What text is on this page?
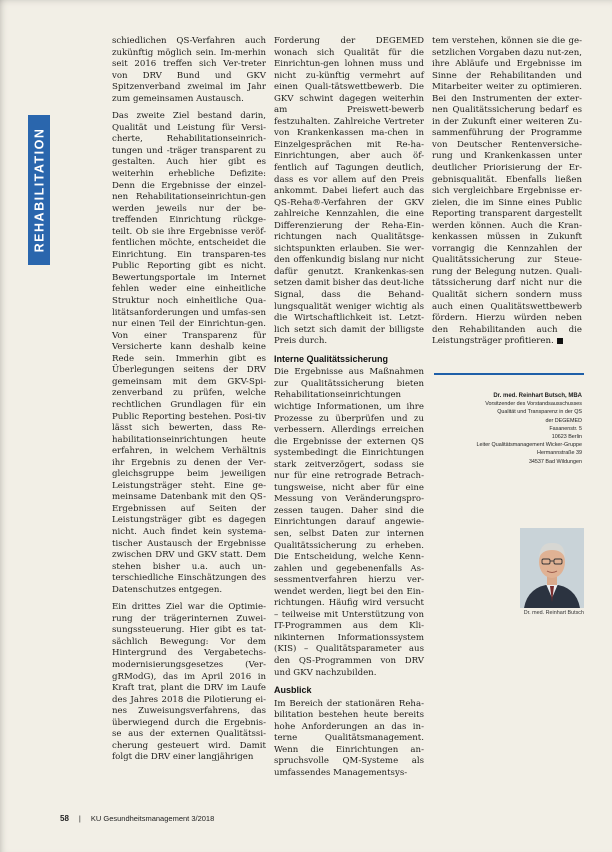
REHABILITATION

schiedlichen QS-Verfahren auch zukünftig möglich sein. Im-merhin seit 2016 treffen sich Ver-treter von DRV Bund und GKV Spitzenverband zweimal im Jahr zum gemeinsamen Austausch.

Das zweite Ziel bestand darin, Qualität und Leistung für Versi-cherte, Rehabilitationseinrich-tungen und -träger transparent zu gestalten. Auch hier gibt es weiterhin erhebliche Defizite: Denn die Ergebnisse der einzel-nen Rehabilitationseinrichtun-gen werden jeweils nur der be-treffenden Einrichtung rückge-teilt. Ob sie ihre Ergebnisse veröf-fentlichen möchte, entscheidet die Einrichtung. Ein transparen-tes Public Reporting gibt es nicht. Bewertungsportale im Internet fehlen weder eine einheitliche Struktur noch einheitliche Qua-litätsanforderungen und umfas-sen nur einen Teil der Einrichtun-gen. Von einer Transparenz für Versicherte kann deshalb keine Rede sein. Immerhin gibt es Überlegungen seitens der DRV gemeinsam mit dem GKV-Spi-zenverband zu prüfen, welche rechtlichen Grundlagen für ein Public Reporting bestehen. Posi-tiv lässt sich bewerten, dass Re-habilitationseinrichtungen heute erfahren, in welchem Verhältnis ihr Ergebnis zu denen der Ver-gleichsgruppe beim jeweiligen Leistungsträger steht. Eine ge-meinsame Datenbank mit den QS-Ergebnissen auf Seiten der Leistungsträger gibt es dagegen nicht. Auch findet kein systema-tischer Austausch der Ergebnisse zwischen DRV und GKV statt. Dem stehen bisher u.a. auch un-terschiedliche Einschätzungen des Datenschutzes entgegen.

Ein drittes Ziel war die Optimie-rung der trägerinternen Zuwei-sungssteuerung. Hier gibt es tat-sächlich Bewegung: Vor dem Hintergrund des Vergabetechs-modernisierungsgesetzes (Ver-gRModG), das im April 2016 in Kraft trat, plant die DRV im Laufe des Jahres 2018 die Pilotierung ei-nes Zuweisungsverfahrens, das überwiegend durch die Ergebnis-se aus der externen Qualitätssi-cherung gesteuert wird. Damit folgt die DRV einer langjährigen

Forderung der DEGEMED wonach sich Qualität für die Einrichtun-gen lohnen muss und nicht zu-künftig vermehrt auf einen Quali-tätswettbewerb. Die GKV schwint dagegen weiterhin am Preiswett-bewerb festzuhalten. Zahlreiche Vertreter von Krankenkassen ma-chen in Einzelgesprächen mit Re-ha-Einrichtungen, aber auch öf-fentlich auf Tagungen deutlich, dass es vor allem auf den Preis ankommt. Dabei liefert auch das QS-Reha®-Verfahren der GKV zahlreiche Kennzahlen, die eine Differenzierung der Reha-Ein-richtungen nach Qualitätsge-sichtspunkten erlauben. Sie wer-den offenkundig bislang nur nicht dafür genutzt. Krankenkas-sen setzen damit bisher das deut-liche Signal, dass die Behand-lungsqualität weniger wichtig als die Wirtschaftlichkeit ist. Letzt-lich setzt sich damit der billigste Preis durch.

Interne Qualitätssicherung

Die Ergebnisse aus Maßnahmen zur Qualitätssicherung bieten Rehabilitationseinrichtungen wichtige Informationen, um ihre Prozesse zu überprüfen und zu verbessern. Allerdings erreichen die Ergebnisse der externen QS systembedingt die Einrichtungen stark zeitverzögert, sodass sie nur für eine retrograde Betrach-tungsweise, nicht aber für eine Messung von Veränderungspro-zessen taugen. Daher sind die Einrichtungen darauf angewie-sen, selbst Daten zur internen Qualitätssicherung zu erheben. Die Entscheidung, welche Kenn-zahlen und gegebenenfalls As-sessmentverfahren hierzu ver-wendet werden, liegt bei den Ein-richtungen. Häufig wird versucht – teilweise mit Unterstützung von IT-Programmen aus dem Kli-nikinternen Informationssystem (KIS) – Qualitätsparameter aus den QS-Programmen von DRV und GKV nachzubilden.

Ausblick

Im Bereich der stationären Reha-bilitation bestehen heute bereits hohe Anforderungen an das in-terne Qualitätsmanagement. Wenn die Einrichtungen an-spruchsvolle QM-Systeme als umfassendes Managementsys-

tem verstehen, können sie die ge-setzlichen Vorgaben dazu nut-zen, ihre Abläufe und Ergebnisse im Sinne der Rehabilitanden und Mitarbeiter weiter zu optimieren. Bei den Instrumenten der exter-nen Qualitätssicherung bedarf es in der Zukunft einer weiteren Zu-sammenführung der Programme von Deutscher Rentenversiche-rung und Krankenkassen unter deutlicher Priorisierung der Er-gebnisqualität. Ebenfalls ließen sich vergleichbare Ergebnisse er-zielen, die im Sinne eines Public Reporting transparent dargestellt werden können. Auch die Kran-kenkassen müssen in Zukunft vorrangig die Kennzahlen der Qualitätssicherung zur Steue-rung der Belegung nutzen. Quali-tätssicherung darf nicht nur die Qualität sichern sondern muss auch einen Qualitätswettbewerb fördern. Hierzu würden neben den Rehabilitanden auch die Leistungsträger profitieren.

Dr. med. Reinhart Butsch, MBA
Vorsitzender des Vorstandsausschusses
Qualität und Transparenz in der QS
der DEGEMED
Fasanenstr. 5
10623 Berlin
Leiter Qualitätsmanagement Wicker-Gruppe
Hermannstraße 39
34537 Bad Wildungen
Dr. med. Reinhart Butsch
58 | KU Gesundheitsmanagement 3/2018
